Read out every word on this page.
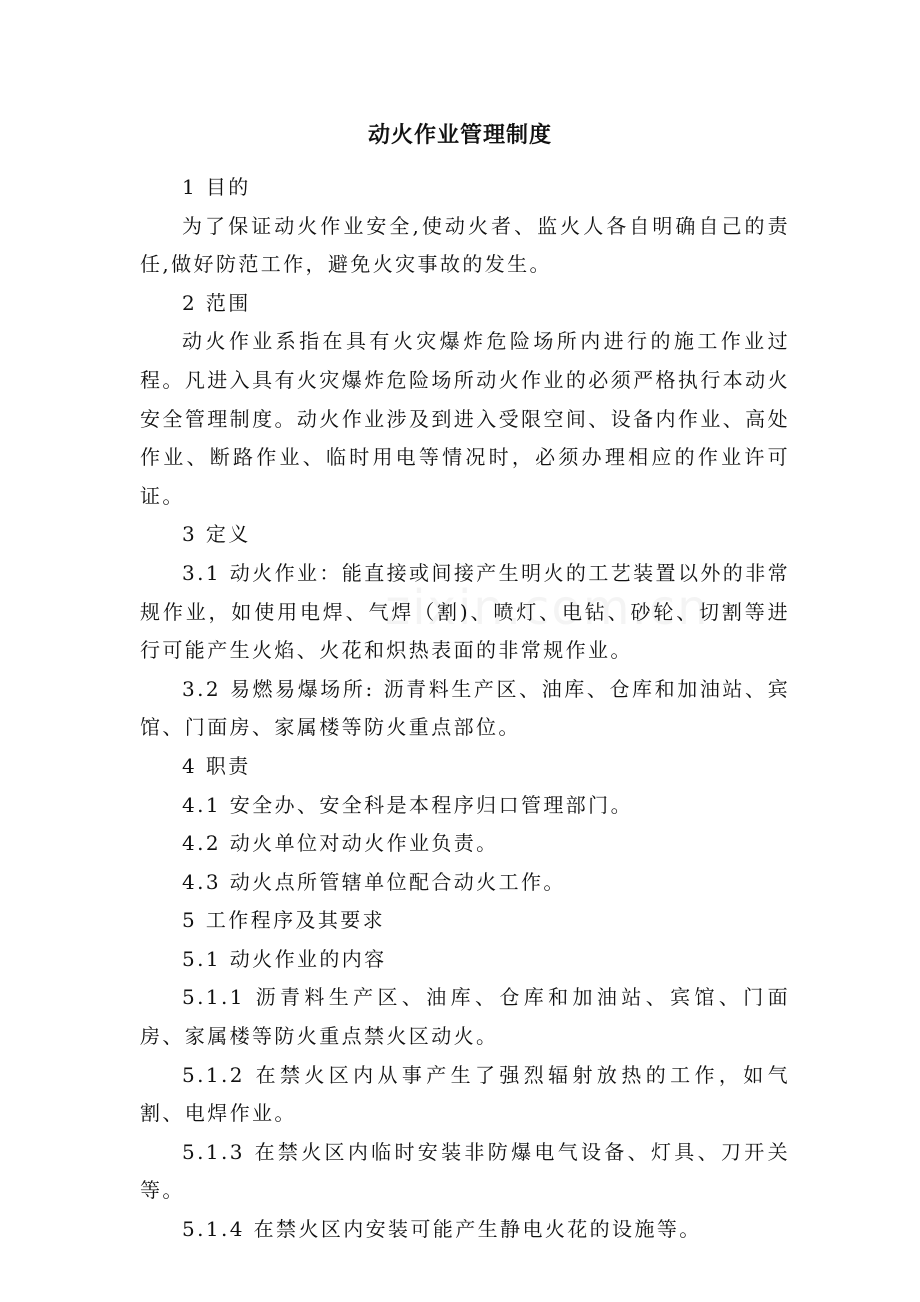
动火作业管理制度

1 目的

为了保证动火作业安全,使动火者、监火人各自明确自己的责任,做好防范工作，避免火灾事故的发生。

2 范围

动火作业系指在具有火灾爆炸危险场所内进行的施工作业过程。凡进入具有火灾爆炸危险场所动火作业的必须严格执行本动火安全管理制度。动火作业涉及到进入受限空间、设备内作业、高处作业、断路作业、临时用电等情况时，必须办理相应的作业许可证。

3 定义

3.1 动火作业：能直接或间接产生明火的工艺装置以外的非常规作业，如使用电焊、气焊（割)、喷灯、电钻、砂轮、切割等进行可能产生火焰、火花和炽热表面的非常规作业。

3.2 易燃易爆场所: 沥青料生产区、油库、仓库和加油站、宾馆、门面房、家属楼等防火重点部位。

4 职责

4.1 安全办、安全科是本程序归口管理部门。

4.2 动火单位对动火作业负责。

4.3 动火点所管辖单位配合动火工作。

5 工作程序及其要求

5.1 动火作业的内容

5.1.1 沥青料生产区、油库、仓库和加油站、宾馆、门面房、家属楼等防火重点禁火区动火。

5.1.2 在禁火区内从事产生了强烈辐射放热的工作，如气割、电焊作业。

5.1.3 在禁火区内临时安装非防爆电气设备、灯具、刀开关等。

5.1.4 在禁火区内安装可能产生静电火花的设施等。
